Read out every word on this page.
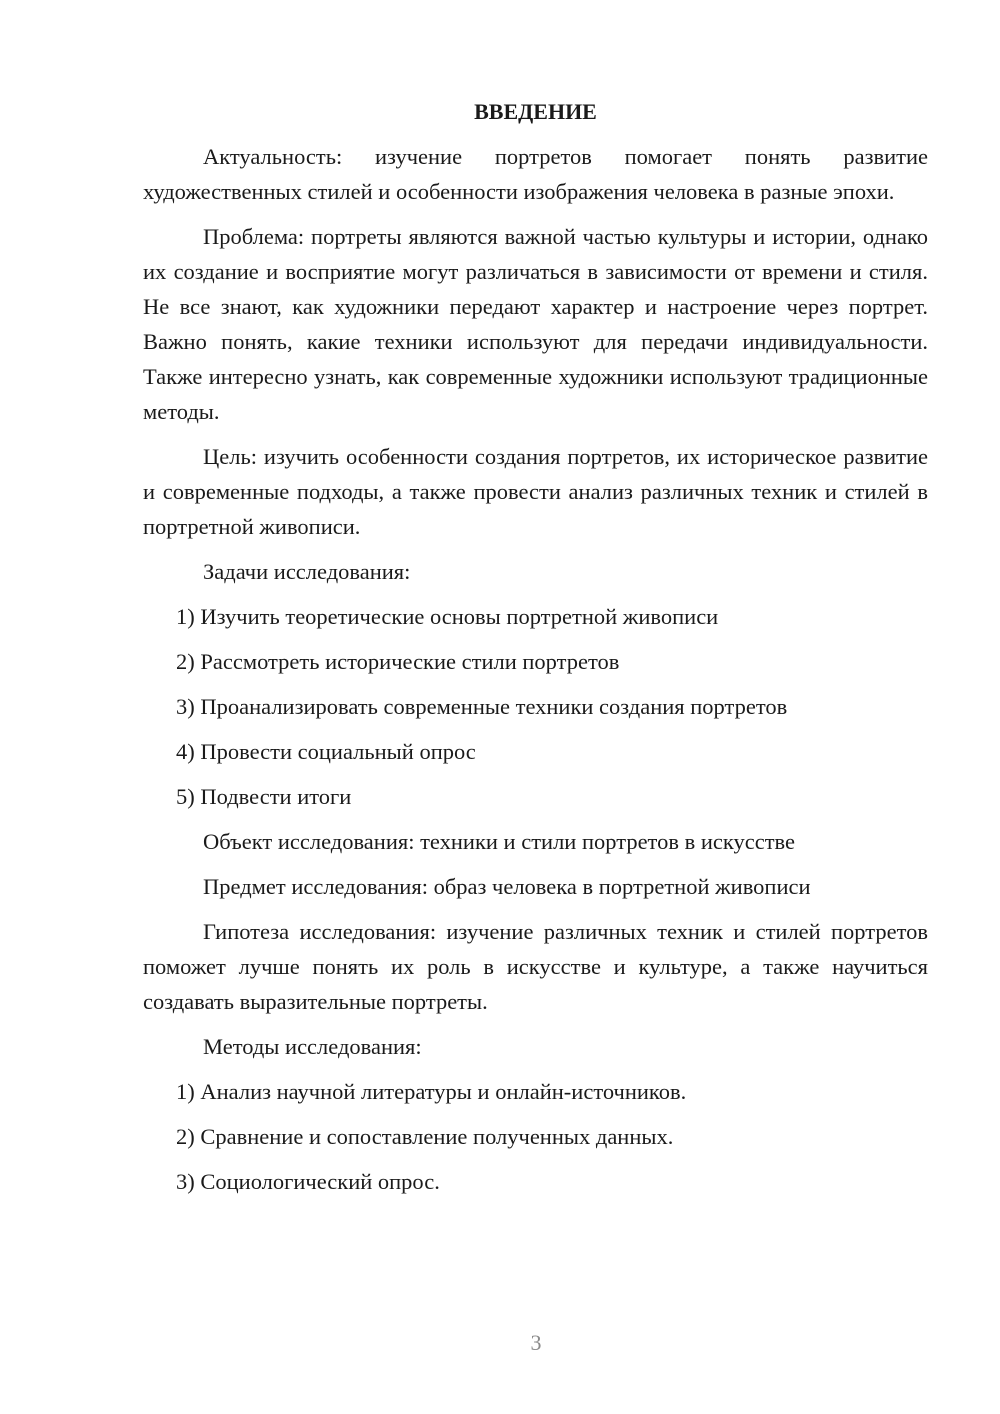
ВВЕДЕНИЕ
Актуальность: изучение портретов помогает понять развитие художественных стилей и особенности изображения человека в разные эпохи.
Проблема: портреты являются важной частью культуры и истории, однако их создание и восприятие могут различаться в зависимости от времени и стиля. Не все знают, как художники передают характер и настроение через портрет. Важно понять, какие техники используют для передачи индивидуальности. Также интересно узнать, как современные художники используют традиционные методы.
Цель: изучить особенности создания портретов, их историческое развитие и современные подходы, а также провести анализ различных техник и стилей в портретной живописи.
Задачи исследования:
1) Изучить теоретические основы портретной живописи
2) Рассмотреть исторические стили портретов
3) Проанализировать современные техники создания портретов
4) Провести социальный опрос
5) Подвести итоги
Объект исследования: техники и стили портретов в искусстве
Предмет исследования: образ человека в портретной живописи
Гипотеза исследования: изучение различных техник и стилей портретов поможет лучше понять их роль в искусстве и культуре, а также научиться создавать выразительные портреты.
Методы исследования:
1) Анализ научной литературы и онлайн-источников.
2) Сравнение и сопоставление полученных данных.
3) Социологический опрос.
3
